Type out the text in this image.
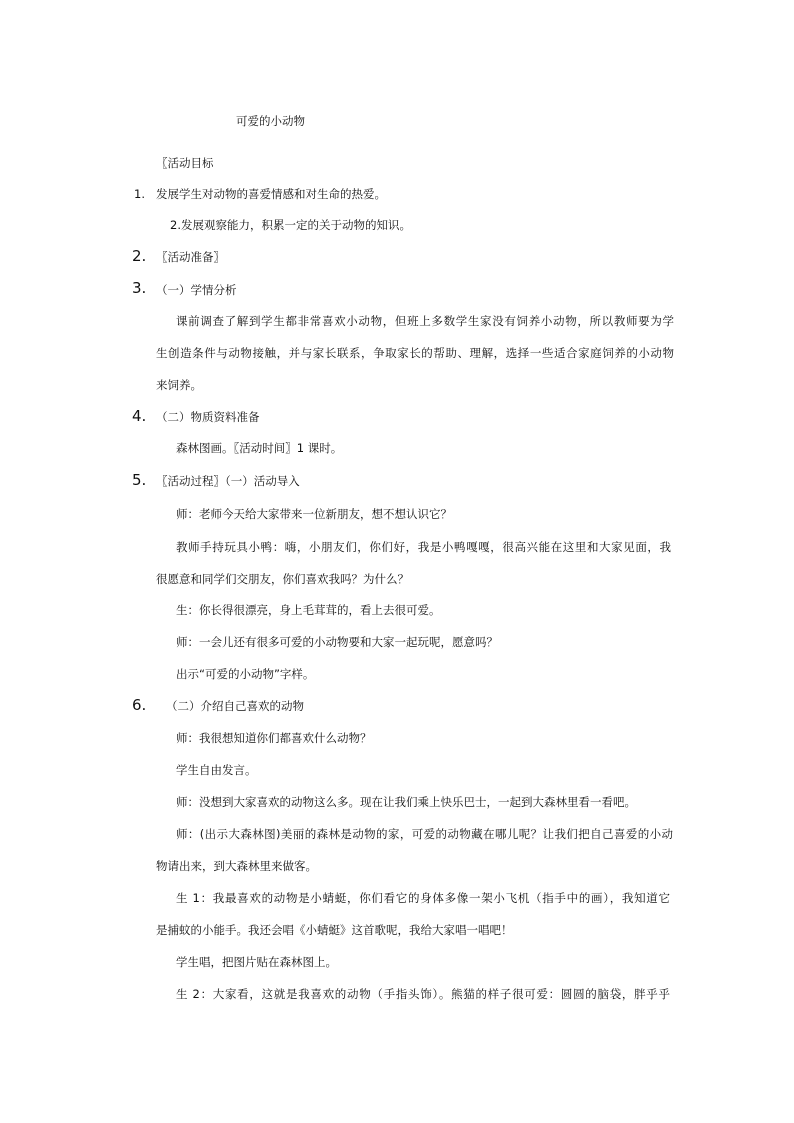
可爱的小动物
〖活动目标
1. 发展学生对动物的喜爱情感和对生命的热爱。
2.发展观察能力，积累一定的关于动物的知识。
2. 〖活动准备〗
3. （一）学情分析
课前调查了解到学生都非常喜欢小动物，但班上多数学生家没有饲养小动物，所以教师要为学
生创造条件与动物接触，并与家长联系，争取家长的帮助、理解，选择一些适合家庭饲养的小动物
来饲养。
4. （二）物质资料准备
森林图画。〖活动时间〗1 课时。
5. 〖活动过程〗（一）活动导入
师：老师今天给大家带来一位新朋友，想不想认识它？
教师手持玩具小鸭：嗨，小朋友们，你们好，我是小鸭嘎嘎，很高兴能在这里和大家见面，我
很愿意和同学们交朋友，你们喜欢我吗？为什么？
生：你长得很漂亮，身上毛茸茸的，看上去很可爱。
师：一会儿还有很多可爱的小动物要和大家一起玩呢，愿意吗？
出示“可爱的小动物”字样。
6. （二）介绍自己喜欢的动物
师：我很想知道你们都喜欢什么动物？
学生自由发言。
师：没想到大家喜欢的动物这么多。现在让我们乘上快乐巴士，一起到大森林里看一看吧。
师：(出示大森林图)美丽的森林是动物的家，可爱的动物藏在哪儿呢？让我们把自己喜爱的小动
物请出来，到大森林里来做客。
生 1：我最喜欢的动物是小蜻蜓，你们看它的身体多像一架小飞机（指手中的画），我知道它
是捕蚊的小能手。我还会唱《小蜻蜓》这首歌呢，我给大家唱一唱吧！
学生唱，把图片贴在森林图上。
生 2：大家看，这就是我喜欢的动物（手指头饰）。熊猫的样子很可爱：圆圆的脑袋，胖乎乎
